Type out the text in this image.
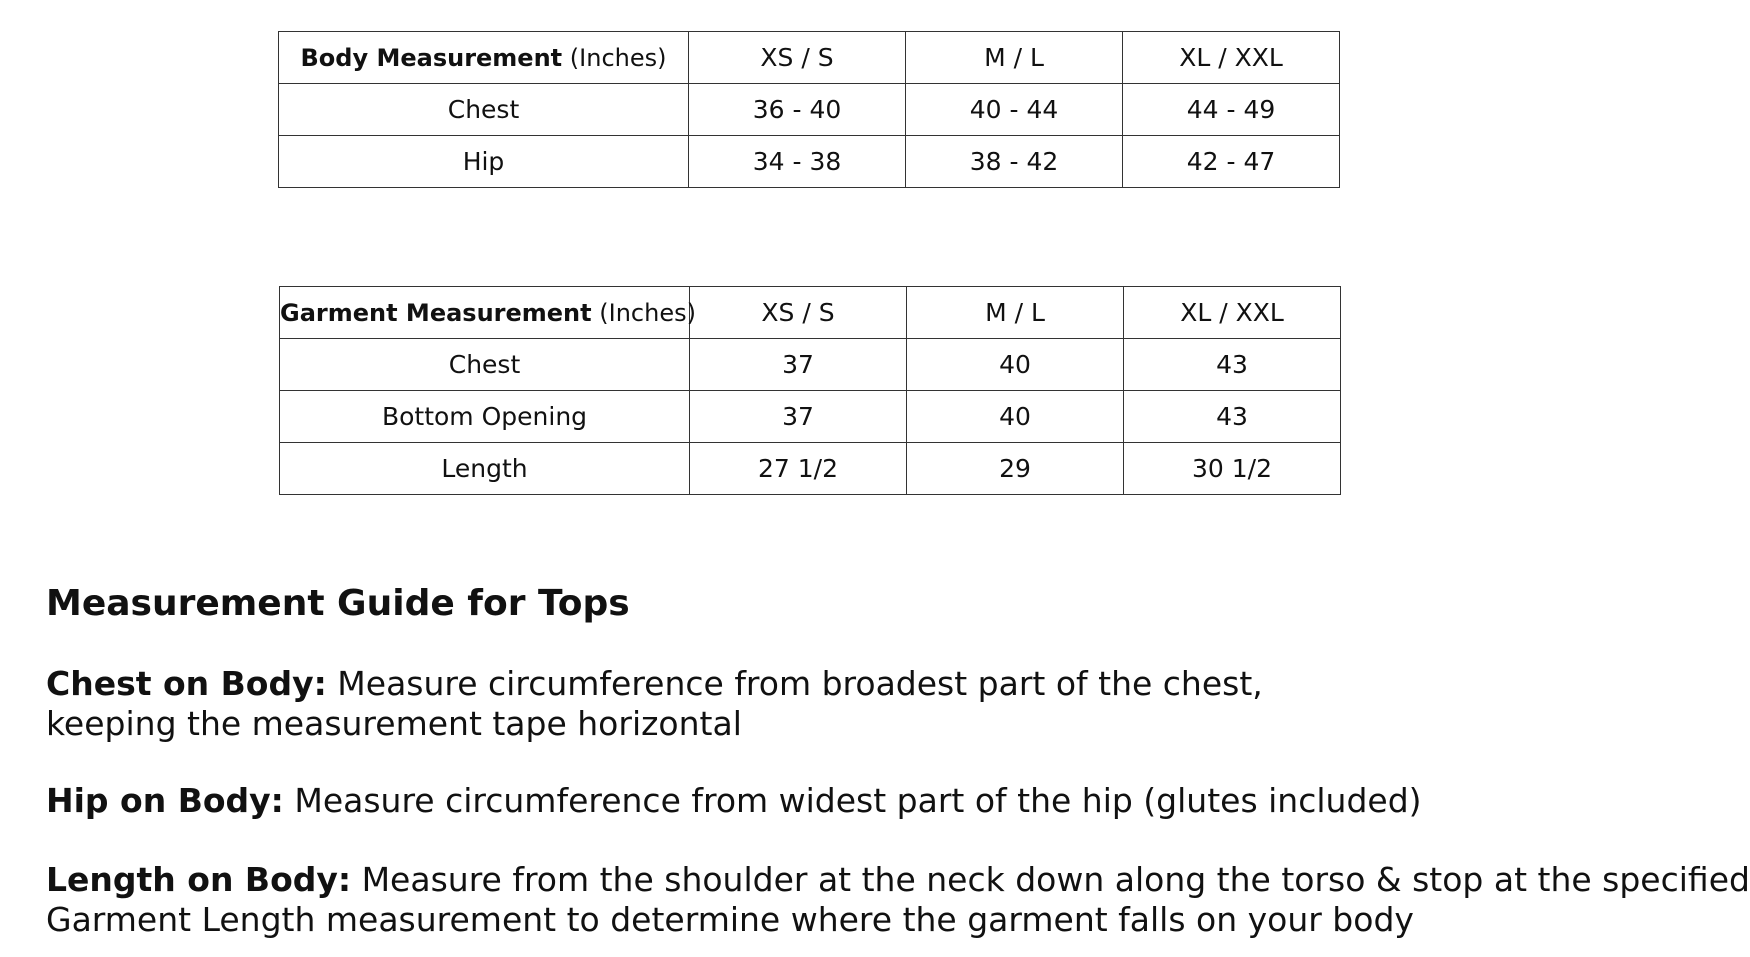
Body Measurement (Inches)	XS / S	M / L	XL / XXL
Chest	36 - 40	40 - 44	44 - 49
Hip	34 - 38	38 - 42	42 - 47
Garment Measurement (Inches)	XS / S	M / L	XL / XXL
Chest	37	40	43
Bottom Opening	37	40	43
Length	27 1/2	29	30 1/2
Measurement Guide for Tops
Chest on Body: Measure circumference from broadest part of the chest,
keeping the measurement tape horizontal
Hip on Body: Measure circumference from widest part of the hip (glutes included)
Length on Body: Measure from the shoulder at the neck down along the torso & stop at the specified
Garment Length measurement to determine where the garment falls on your body
